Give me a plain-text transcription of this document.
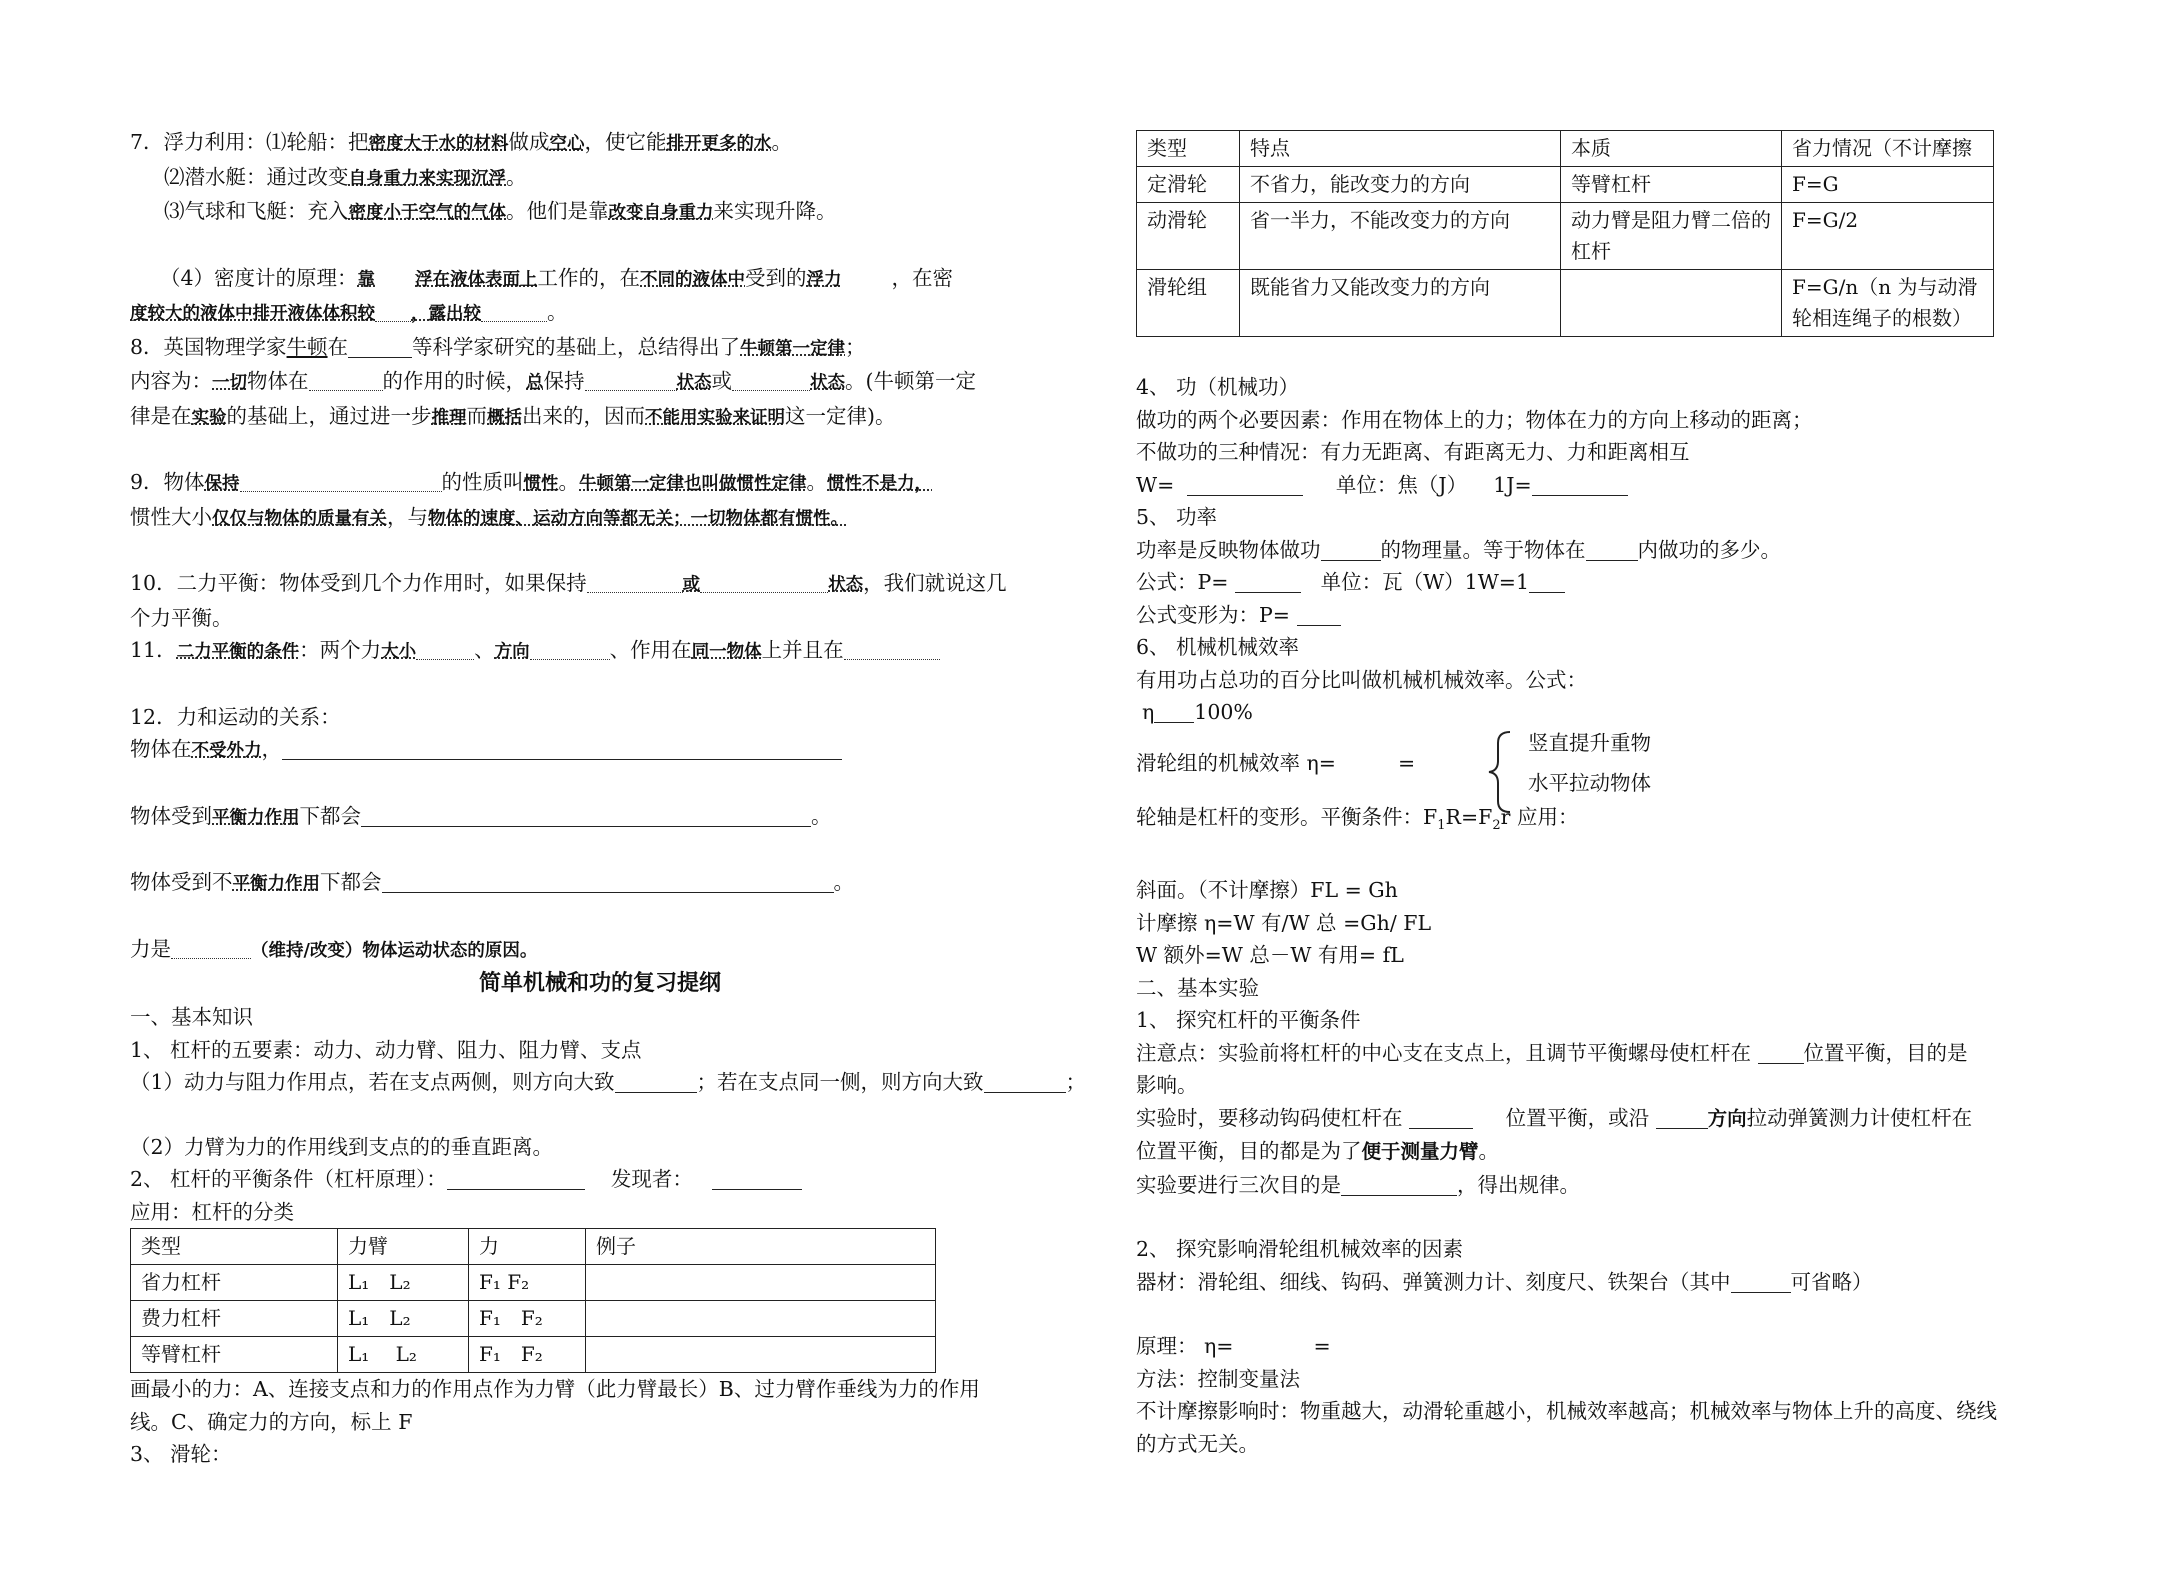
7．浮力利用：⑴轮船：把密度大于水的材料做成空心，使它能排开更多的水。
⑵潜水艇：通过改变自身重力来实现沉浮。
⑶气球和飞艇：充入密度小于空气的气体。他们是靠改变自身重力来实现升降。
（4）密度计的原理：靠 浮在液体表面上工作的，在不同的液体中受到的浮力 ，在密
度较大的液体中排开液体体积较 ，露出较	。
8．英国物理学家牛顿在	等科学家研究的基础上，总结得出了牛顿第一定律；
内容为：一切物体在	的作用的时候，总保持	状态或	状态。(牛顿第一定
律是在实验的基础上，通过进一步推理而概括出来的，因而不能用实验来证明这一定律)。
9．物体保持	的性质叫惯性。牛顿第一定律也叫做惯性定律。惯性不是力，
惯性大小仅仅与物体的质量有关，与物体的速度、运动方向等都无关；一切物体都有惯性。
10．二力平衡：物体受到几个力作用时，如果保持	或	状态，我们就说这几
个力平衡。
11．二力平衡的条件：两个力大小	、方向	、作用在同一物体上并且在
12．力和运动的关系：
物体在不受外力，
物体受到平衡力作用下都会	。
物体受到不平衡力作用下都会	。
力是	（维持/改变）物体运动状态的原因。
简单机械和功的复习提纲
一、基本知识
1、 杠杆的五要素：动力、动力臂、阻力、阻力臂、支点
（1）动力与阻力作用点，若在支点两侧，则方向大致	；若在支点同一侧，则方向大致	；
（2）力臂为力的作用线到支点的的垂直距离。
2、 杠杆的平衡条件（杠杆原理）：	发现者：
应用：杠杆的分类
类型	力臂	力	例子
省力杠杆	L₁　L₂	F₁ F₂	
费力杠杆	L₁　L₂	F₁　F₂	
等臂杠杆	L₁　 L₂	F₁　F₂	
画最小的力：A、连接支点和力的作用点作为力臂（此力臂最长）B、过力臂作垂线为力的作用
线。C、确定力的方向，标上 F
3、 滑轮：
类型	特点	本质	省力情况（不计摩擦
定滑轮	不省力，能改变力的方向	等臂杠杆	F=G
动滑轮	省一半力，不能改变力的方向	动力臂是阻力臂二倍的杠杆	F=G/2
滑轮组	既能省力又能改变力的方向		F=G/n（n 为与动滑轮相连绳子的根数）
4、 功（机械功）
做功的两个必要因素：作用在物体上的力；物体在力的方向上移动的距离；
不做功的三种情况：有力无距离、有距离无力、力和距离相互
W=	单位：焦（J） 1J=
5、 功率
功率是反映物体做功	的物理量。等于物体在	内做功的多少。
公式：P=	单位：瓦（W）1W=1
公式变形为：P=
6、 机械机械效率
有用功占总功的百分比叫做机械机械效率。公式：
η 100%
滑轮组的机械效率 η=	=
竖直提升重物
水平拉动物体
轮轴是杠杆的变形。平衡条件：$F_1R=F_2r$ 应用：
斜面。（不计摩擦）FL = Gh
计摩擦 η=W 有/W 总 =Gh/ FL
W 额外=W 总－W 有用= fL
二、基本实验
1、 探究杠杆的平衡条件
注意点：实验前将杠杆的中心支在支点上，且调节平衡螺母使杠杆在	位置平衡，目的是
影响。
实验时，要移动钩码使杠杆在	位置平衡，或沿	方向拉动弹簧测力计使杠杆在
位置平衡，目的都是为了便于测量力臂。
实验要进行三次目的是	，得出规律。
2、 探究影响滑轮组机械效率的因素
器材：滑轮组、细线、钩码、弹簧测力计、刻度尺、铁架台（其中	可省略）
原理： η=	=
方法：控制变量法
不计摩擦影响时：物重越大，动滑轮重越小，机械效率越高；机械效率与物体上升的高度、绕线
的方式无关。
